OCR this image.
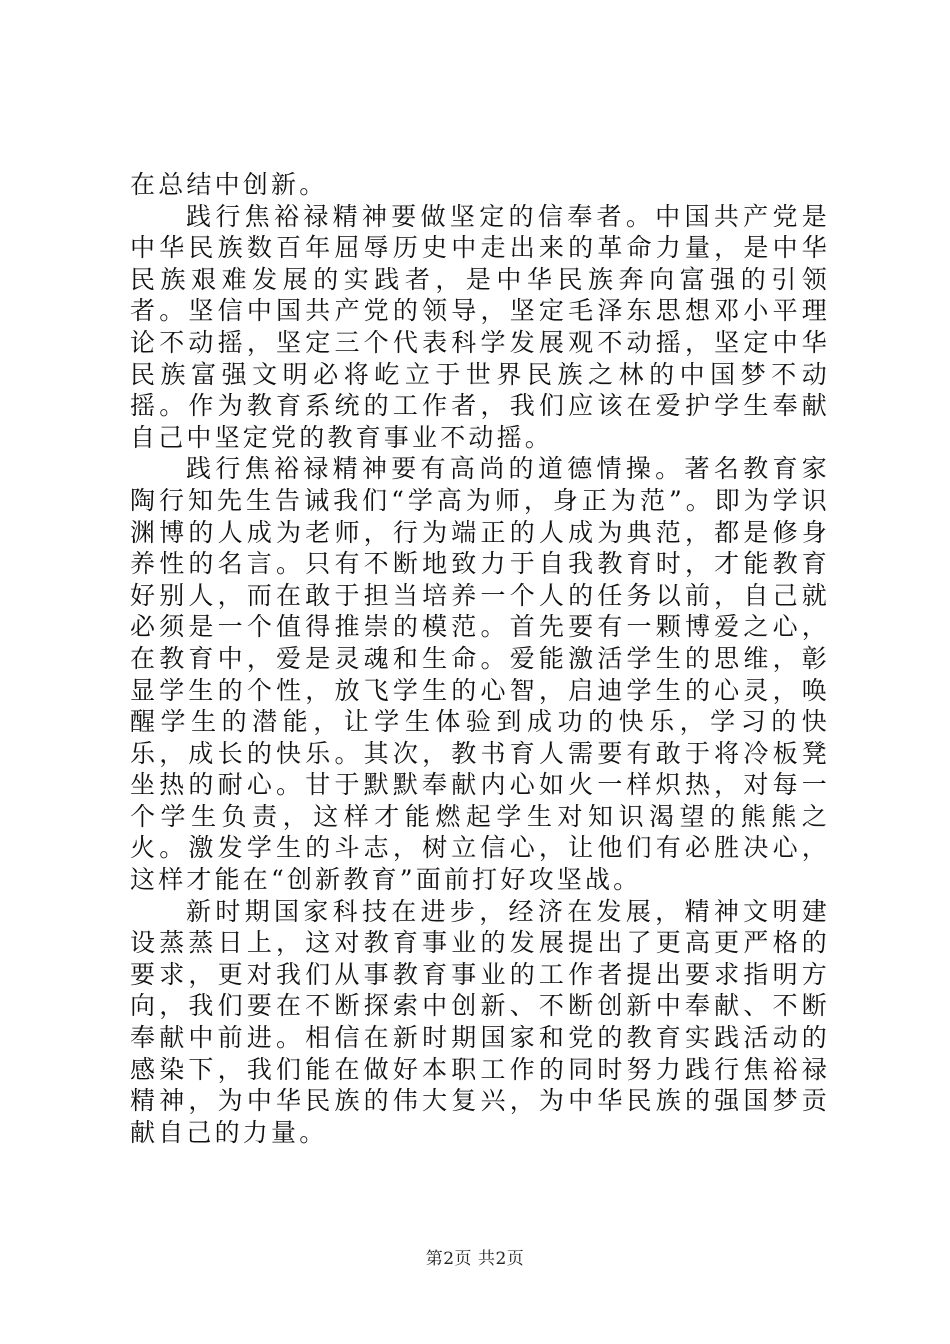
在总结中创新。

践行焦裕禄精神要做坚定的信奉者。中国共产党是中华民族数百年屈辱历史中走出来的革命力量，是中华民族艰难发展的实践者，是中华民族奔向富强的引领者。坚信中国共产党的领导，坚定毛泽东思想邓小平理论不动摇，坚定三个代表科学发展观不动摇，坚定中华民族富强文明必将屹立于世界民族之林的中国梦不动摇。作为教育系统的工作者，我们应该在爱护学生奉献自己中坚定党的教育事业不动摇。

践行焦裕禄精神要有高尚的道德情操。著名教育家陶行知先生告诫我们“学高为师，身正为范”。即为学识渊博的人成为老师，行为端正的人成为典范，都是修身养性的名言。只有不断地致力于自我教育时，才能教育好别人，而在敢于担当培养一个人的任务以前，自己就必须是一个值得推崇的模范。首先要有一颗博爱之心，在教育中，爱是灵魂和生命。爱能激活学生的思维，彰显学生的个性，放飞学生的心智，启迪学生的心灵，唤醒学生的潜能，让学生体验到成功的快乐，学习的快乐，成长的快乐。其次，教书育人需要有敢于将冷板凳坐热的耐心。甘于默默奉献内心如火一样炽热，对每一个学生负责，这样才能燃起学生对知识渴望的熊熊之火。激发学生的斗志，树立信心，让他们有必胜决心，这样才能在“创新教育”面前打好攻坚战。

新时期国家科技在进步，经济在发展，精神文明建设蒸蒸日上，这对教育事业的发展提出了更高更严格的要求，更对我们从事教育事业的工作者提出要求指明方向，我们要在不断探索中创新、不断创新中奉献、不断奉献中前进。相信在新时期国家和党的教育实践活动的感染下，我们能在做好本职工作的同时努力践行焦裕禄精神，为中华民族的伟大复兴，为中华民族的强国梦贡献自己的力量。

第2页 共2页
